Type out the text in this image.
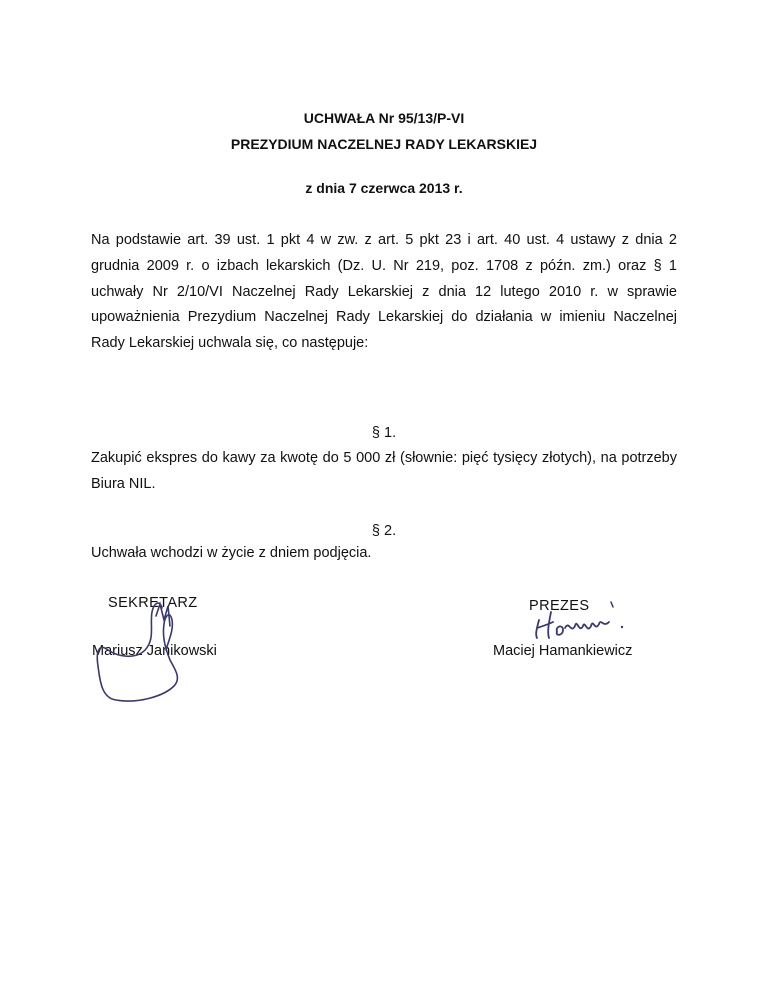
UCHWAŁA Nr 95/13/P-VI
PREZYDIUM NACZELNEJ RADY LEKARSKIEJ
z dnia 7 czerwca 2013 r.
Na podstawie art. 39 ust. 1 pkt 4 w zw. z art. 5 pkt 23 i art. 40 ust. 4 ustawy z dnia 2 grudnia 2009 r. o izbach lekarskich (Dz. U. Nr 219, poz. 1708 z późn. zm.) oraz § 1 uchwały Nr 2/10/VI Naczelnej Rady Lekarskiej z dnia 12 lutego 2010 r. w sprawie upoważnienia Prezydium Naczelnej Rady Lekarskiej do działania w imieniu Naczelnej Rady Lekarskiej uchwala się, co następuje:
§ 1.
Zakupić ekspres do kawy za kwotę do 5 000 zł (słownie: pięć tysięcy złotych), na potrzeby Biura NIL.
§ 2.
Uchwała wchodzi w życie z dniem podjęcia.
SEKRETARZ
Mariusz Janikowski
PREZES
Maciej Hamankiewicz
